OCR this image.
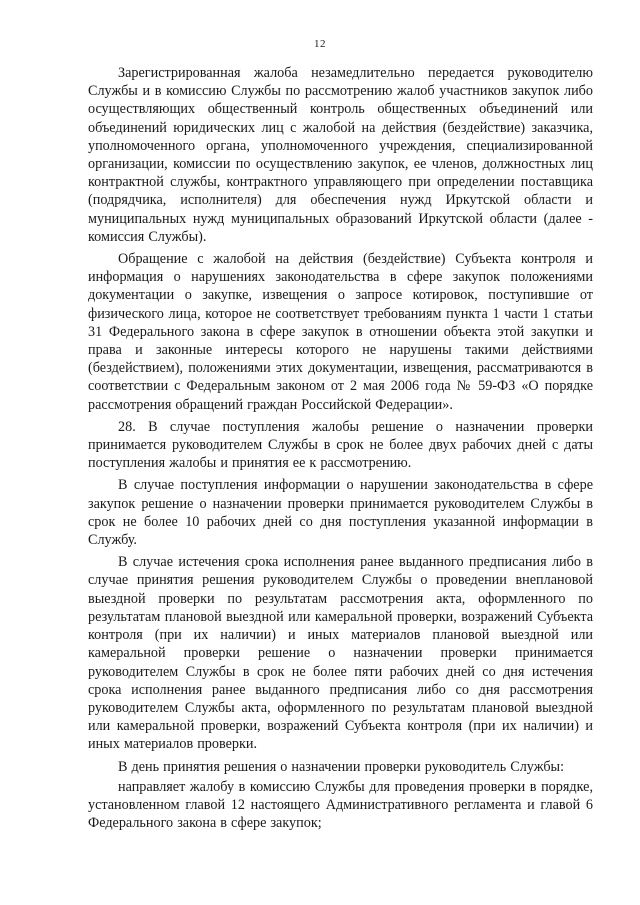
12

Зарегистрированная жалоба незамедлительно передается руководителю Службы и в комиссию Службы по рассмотрению жалоб участников закупок либо осуществляющих общественный контроль общественных объединений или объединений юридических лиц с жалобой на действия (бездействие) заказчика, уполномоченного органа, уполномоченного учреждения, специализированной организации, комиссии по осуществлению закупок, ее членов, должностных лиц контрактной службы, контрактного управляющего при определении поставщика (подрядчика, исполнителя) для обеспечения нужд Иркутской области и муниципальных нужд муниципальных образований Иркутской области (далее - комиссия Службы).

Обращение с жалобой на действия (бездействие) Субъекта контроля и информация о нарушениях законодательства в сфере закупок положениями документации о закупке, извещения о запросе котировок, поступившие от физического лица, которое не соответствует требованиям пункта 1 части 1 статьи 31 Федерального закона в сфере закупок в отношении объекта этой закупки и права и законные интересы которого не нарушены такими действиями (бездействием), положениями этих документации, извещения, рассматриваются в соответствии с Федеральным законом от 2 мая 2006 года № 59-ФЗ «О порядке рассмотрения обращений граждан Российской Федерации».

28. В случае поступления жалобы решение о назначении проверки принимается руководителем Службы в срок не более двух рабочих дней с даты поступления жалобы и принятия ее к рассмотрению.

В случае поступления информации о нарушении законодательства в сфере закупок решение о назначении проверки принимается руководителем Службы в срок не более 10 рабочих дней со дня поступления указанной информации в Службу.

В случае истечения срока исполнения ранее выданного предписания либо в случае принятия решения руководителем Службы о проведении внеплановой выездной проверки по результатам рассмотрения акта, оформленного по результатам плановой выездной или камеральной проверки, возражений Субъекта контроля (при их наличии) и иных материалов плановой выездной или камеральной проверки решение о назначении проверки принимается руководителем Службы в срок не более пяти рабочих дней со дня истечения срока исполнения ранее выданного предписания либо со дня рассмотрения руководителем Службы акта, оформленного по результатам плановой выездной или камеральной проверки, возражений Субъекта контроля (при их наличии) и иных материалов проверки.

В день принятия решения о назначении проверки руководитель Службы:

направляет жалобу в комиссию Службы для проведения проверки в порядке, установленном главой 12 настоящего Административного регламента и главой 6 Федерального закона в сфере закупок;
